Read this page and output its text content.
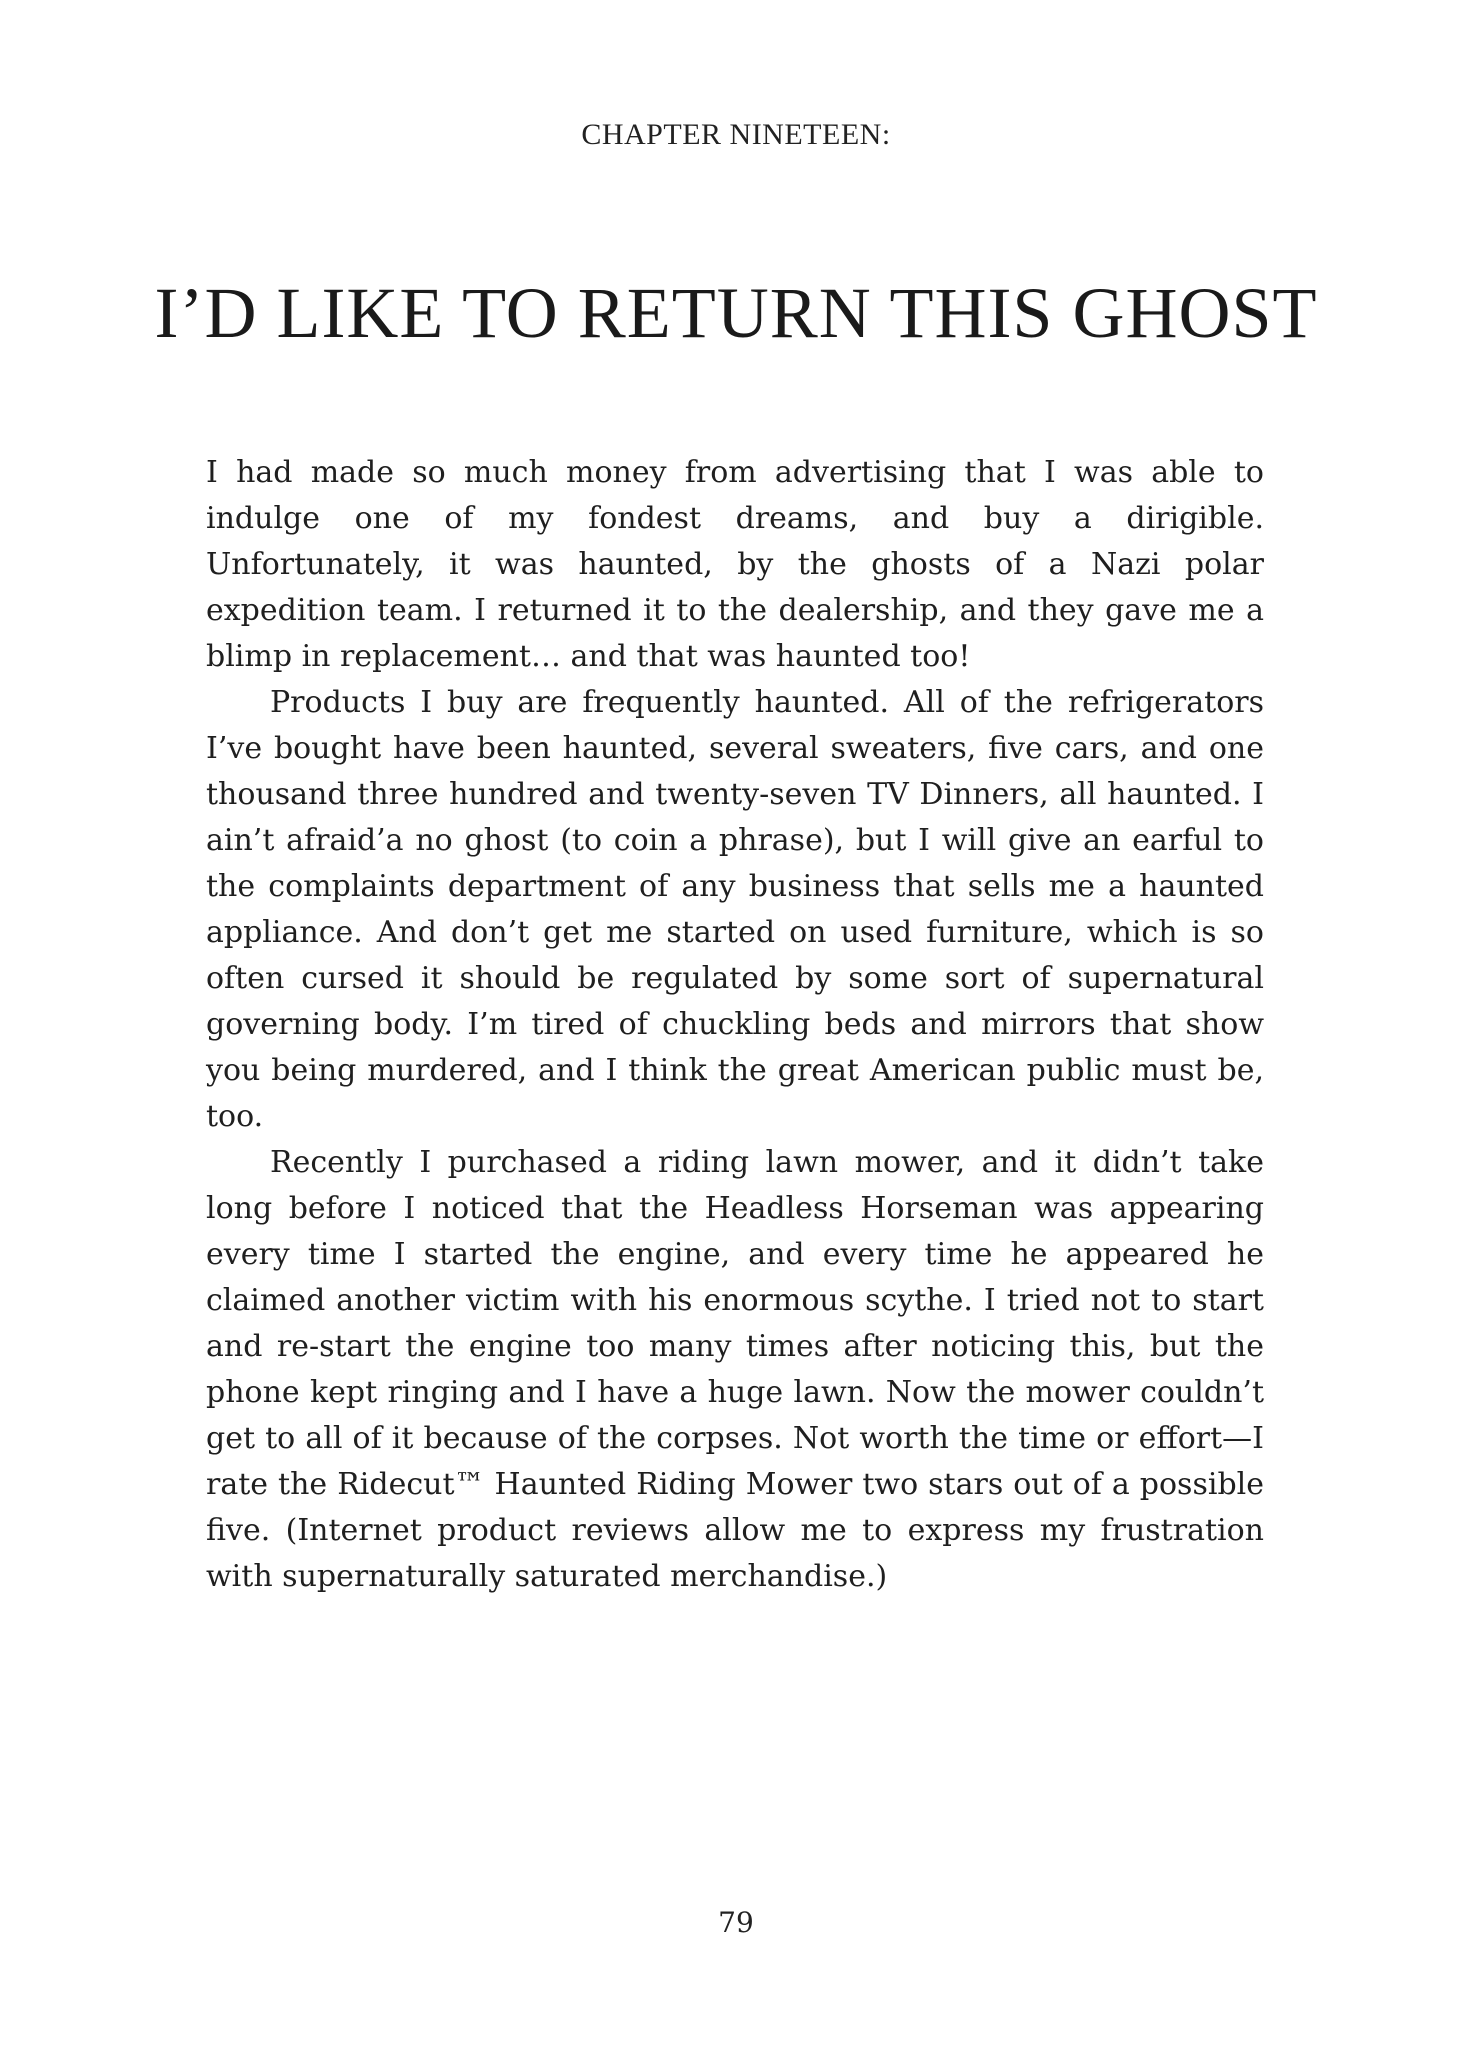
CHAPTER NINETEEN:
I’D LIKE TO RETURN THIS GHOST

I had made so much money from advertising that I was able to indulge one of my fondest dreams, and buy a dirigible. Unfortunately, it was haunted, by the ghosts of a Nazi polar expedition team. I returned it to the dealership, and they gave me a blimp in replacement… and that was haunted too!

Products I buy are frequently haunted. All of the refrigerators I’ve bought have been haunted, several sweaters, five cars, and one thousand three hundred and twenty-seven TV Dinners, all haunted. I ain’t afraid’a no ghost (to coin a phrase), but I will give an earful to the complaints department of any business that sells me a haunted appliance. And don’t get me started on used furniture, which is so often cursed it should be regulated by some sort of supernatural governing body. I’m tired of chuckling beds and mirrors that show you being murdered, and I think the great American public must be, too.

Recently I purchased a riding lawn mower, and it didn’t take long before I noticed that the Headless Horseman was appearing every time I started the engine, and every time he appeared he claimed another victim with his enormous scythe. I tried not to start and re-start the engine too many times after noticing this, but the phone kept ringing and I have a huge lawn. Now the mower couldn’t get to all of it because of the corpses. Not worth the time or effort—I rate the Ridecut™ Haunted Riding Mower two stars out of a possible five. (Internet product reviews allow me to express my frustration with supernaturally saturated merchandise.)

79
